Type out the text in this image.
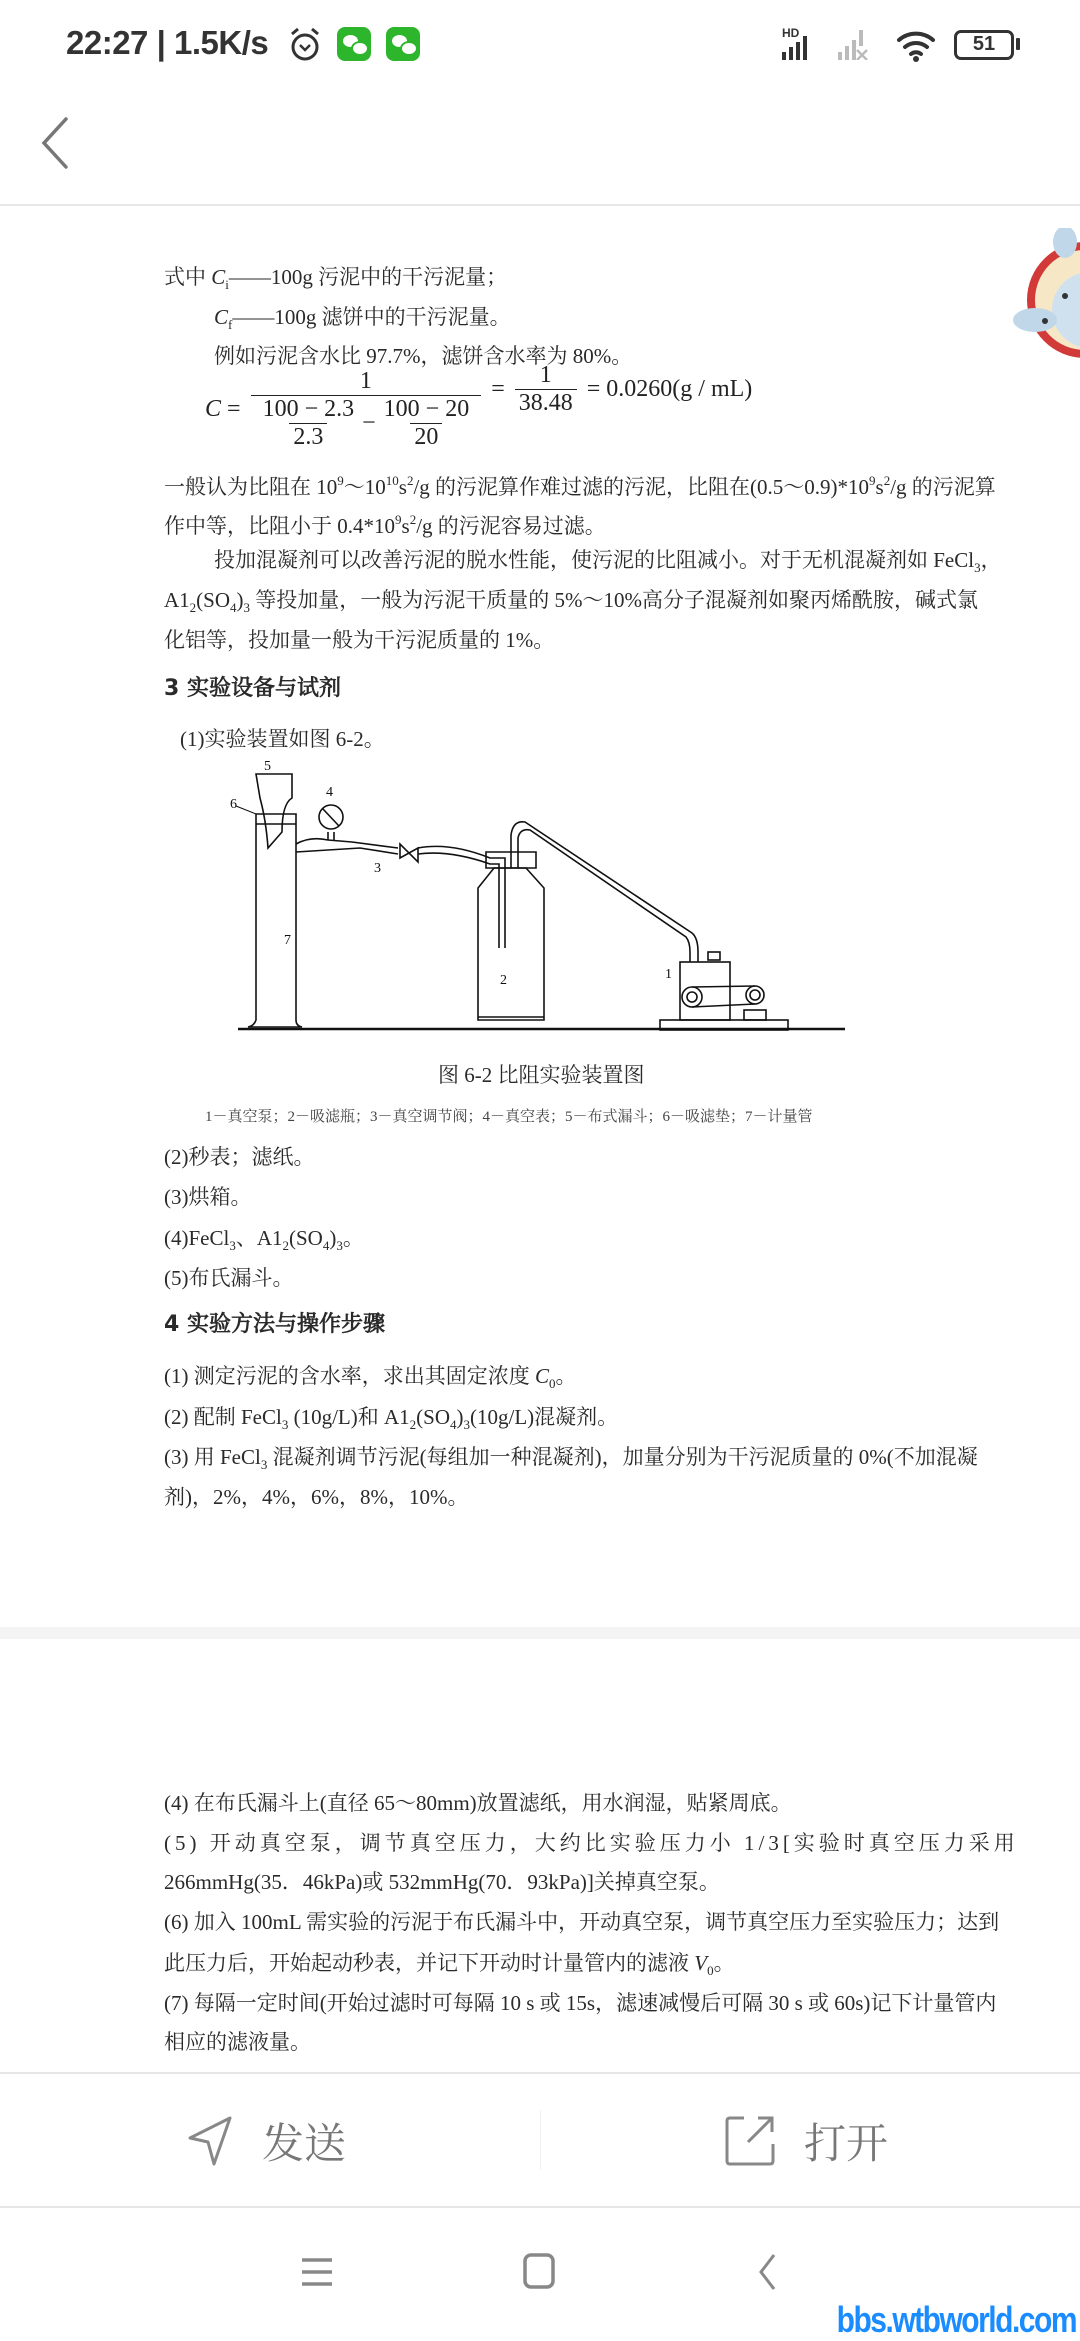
22:27 | 1.5K/s	HD	51
式中 $C_i——100g$ 污泥中的干污泥量；
$C_f——100g$ 滤饼中的干污泥量。
例如污泥含水比 97.7%，滤饼含水率为 80%。
一般认为比阻在 $10^9\sim 10^{10}s^2/g$ 的污泥算作难过滤的污泥，比阻在$(0.5\sim 0.9)*10^9s^2/g$ 的污泥算
作中等，比阻小于 $0.4*10^9s^2/g$ 的污泥容易过滤。
投加混凝剂可以改善污泥的脱水性能，使污泥的比阻减小。对于无机混凝剂如 FeCl$_3$，
$A1_2(SO_4)_3$ 等投加量，一般为污泥干质量的 5%～10%高分子混凝剂如聚丙烯酰胺，碱式氯
化铝等，投加量一般为干污泥质量的 1%。
3 实验设备与试剂
(1)实验装置如图 6-2。
图 6-2 比阻实验装置图
1－真空泵；2－吸滤瓶；3－真空调节阀；4－真空表；5－布式漏斗；6－吸滤垫；7－计量管
(2)秒表；滤纸。
(3)烘箱。
(4)FeCl$_3$、$A1_2(SO_4)_3$。
(5)布氏漏斗。
4 实验方法与操作步骤
(1) 测定污泥的含水率，求出其固定浓度 $C_0$。
(2) 配制 FeCl$_3$ (10g/L)和 $A1_2(SO_4)_3(10g/L)$混凝剂。
(3) 用 FeCl$_3$ 混凝剂调节污泥(每组加一种混凝剂)，加量分别为干污泥质量的 0%(不加混凝
剂)，2%，4%，6%，8%，10%。
$C = \frac{1}{\frac{100 - 2.3}{2.3} - \frac{100 - 20}{20}} = \frac{1}{38.48} = 0.0260(g / mL)$
5
6
4
3
7
2	1
(4) 在布氏漏斗上(直径 65～80mm)放置滤纸，用水润湿，贴紧周底。
(5) 开动真空泵，调节真空压力，大约比实验压力小 1/3[实验时真空压力采用
266mmHg(35．46kPa)或 532mmHg(70．93kPa)]关掉真空泵。
(6) 加入 100mL 需实验的污泥于布氏漏斗中，开动真空泵，调节真空压力至实验压力；达到
此压力后，开始起动秒表，并记下开动时计量管内的滤液 $V_0$。
(7) 每隔一定时间(开始过滤时可每隔 10 s 或 15s，滤速减慢后可隔 30 s 或 60s)记下计量管内
相应的滤液量。
发送	打开
bbs.wtbworld.com
